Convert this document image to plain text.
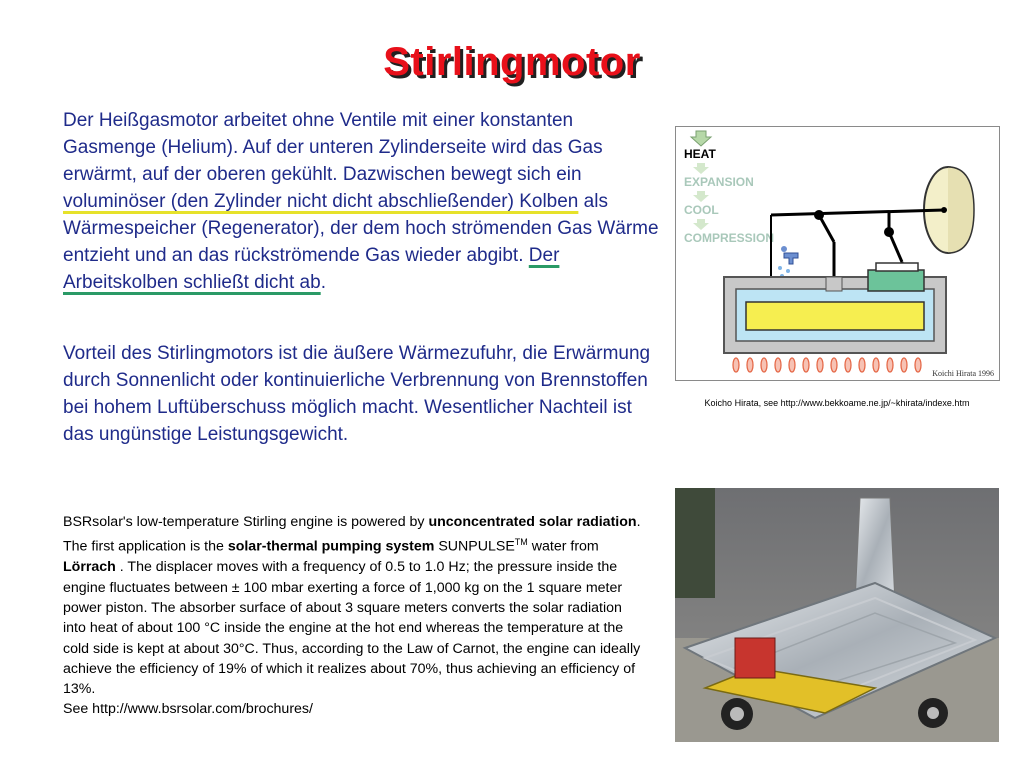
Stirlingmotor

Der Heißgasmotor arbeitet ohne Ventile mit einer konstanten Gasmenge (Helium). Auf der unteren Zylinderseite wird das Gas erwärmt, auf der oberen gekühlt. Dazwischen bewegt sich ein voluminöser (den Zylinder nicht dicht abschließender) Kolben als Wärmespeicher (Regenerator), der dem hoch strömenden Gas Wärme entzieht und an das rückströmende Gas wieder abgibt. Der Arbeitskolben schließt dicht ab.

Vorteil des Stirlingmotors ist die äußere Wärmezufuhr, die Erwärmung durch Sonnenlicht oder kontinuierliche Verbrennung von Brennstoffen bei hohem Luftüberschuss möglich macht. Wesentlicher Nachteil ist das ungünstige Leistungsgewicht.

BSRsolar's low-temperature Stirling engine is powered by unconcentrated solar radiation. The first application is the solar-thermal pumping system SUNPULSE™ water from Lörrach . The displacer moves with a frequency of 0.5 to 1.0 Hz; the pressure inside the engine fluctuates between ± 100 mbar exerting a force of 1,000 kg on the 1 square meter power piston. The absorber surface of about 3 square meters converts the solar radiation into heat of about 100 °C inside the engine at the hot end whereas the temperature at the cold side is kept at about 30°C. Thus, according to the Law of Carnot, the engine can ideally achieve the efficiency of 19% of which it realizes about 70%, thus achieving an efficiency of 13%.
See http://www.bsrsolar.com/brochures/

HEAT
EXPANSION
COOL
COMPRESSION
Koichi Hirata 1996
Koicho Hirata, see http://www.bekkoame.ne.jp/~khirata/indexe.htm
